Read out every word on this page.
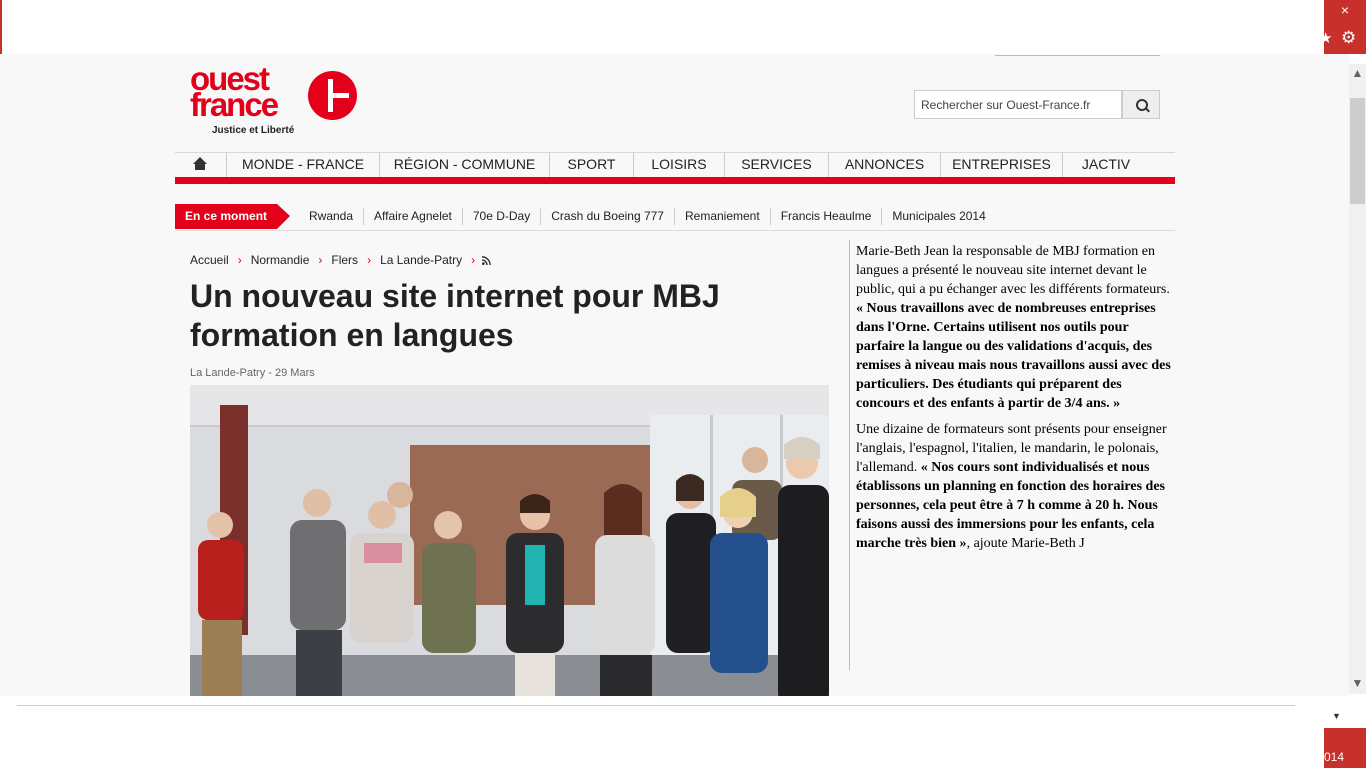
×
★ ⚙
▲
▼
ouest
france
Justice et Liberté
Rechercher sur Ouest-France.fr
MONDE - FRANCE	RÉGION - COMMUNE	SPORT	LOISIRS	SERVICES	ANNONCES	ENTREPRISES	JACTIV
En ce moment	Rwanda	Affaire Agnelet	70e D-Day	Crash du Boeing 777	Remaniement	Francis Heaulme	Municipales 2014
Accueil › Normandie › Flers › La Lande-Patry ›
Un nouveau site internet pour MBJ formation en langues
La Lande-Patry - 29 Mars

Marie-Beth Jean la responsable de MBJ formation en langues a présenté le nouveau site internet devant le public, qui a pu échanger avec les différents formateurs. « Nous travaillons avec de nombreuses entreprises dans l'Orne. Certains utilisent nos outils pour parfaire la langue ou des validations d'acquis, des remises à niveau mais nous travaillons aussi avec des particuliers. Des étudiants qui préparent des concours et des enfants à partir de 3/4 ans. »

Une dizaine de formateurs sont présents pour enseigner l'anglais, l'espagnol, l'italien, le mandarin, le polonais, l'allemand. « Nos cours sont individualisés et nous établissons un planning en fonction des horaires des personnes, cela peut être à 7 h comme à 20 h. Nous faisons aussi des immersions pour les enfants, cela marche très bien », ajoute Marie-Beth J

▼
014
